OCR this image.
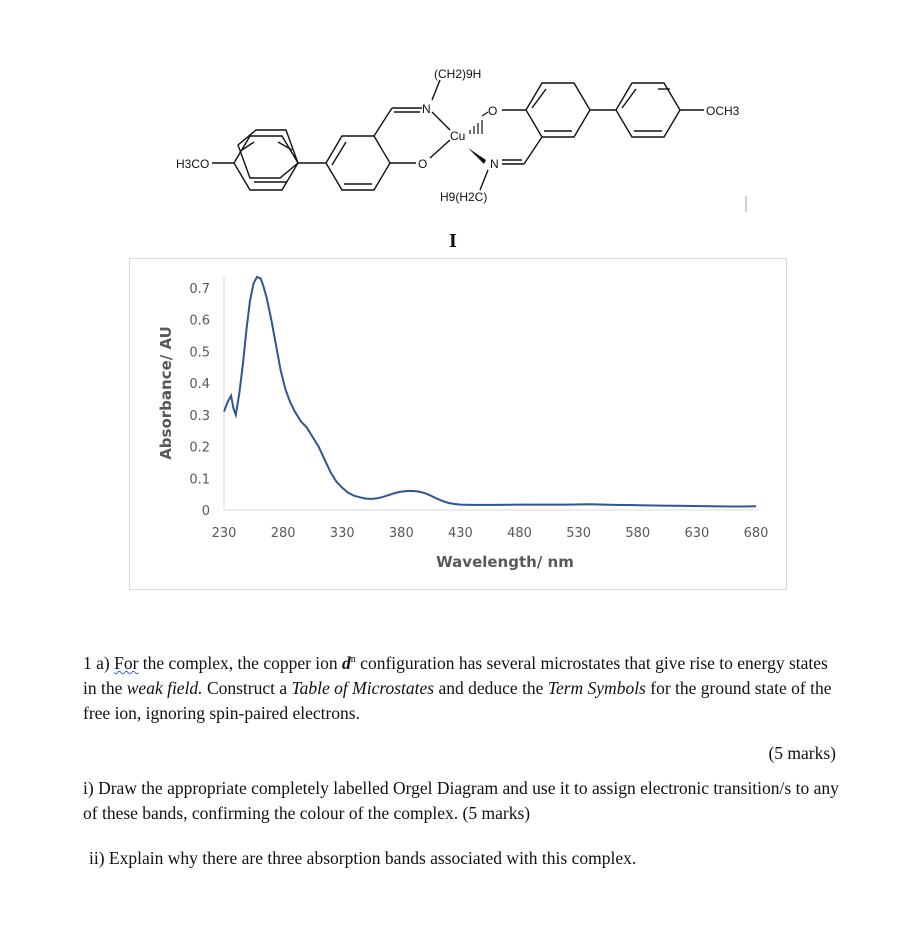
H3CO
OCH3
Cu
N
N
O
O
(CH2)9H
H9(H2C)
I
0
0.1
0.2
0.3
0.4
0.5
0.6
0.7
230	280	330	380	430	480	530	580	630	680
Wavelength/ nm
Absorbance/ AU
1 a) For the complex, the copper ion $d^n$ configuration has several microstates that give rise to energy states in the weak field. Construct a Table of Microstates and deduce the Term Symbols for the ground state of the free ion, ignoring spin-paired electrons.
(5 marks)
i) Draw the appropriate completely labelled Orgel Diagram and use it to assign electronic transition/s to any of these bands, confirming the colour of the complex. (5 marks)
ii) Explain why there are three absorption bands associated with this complex.
